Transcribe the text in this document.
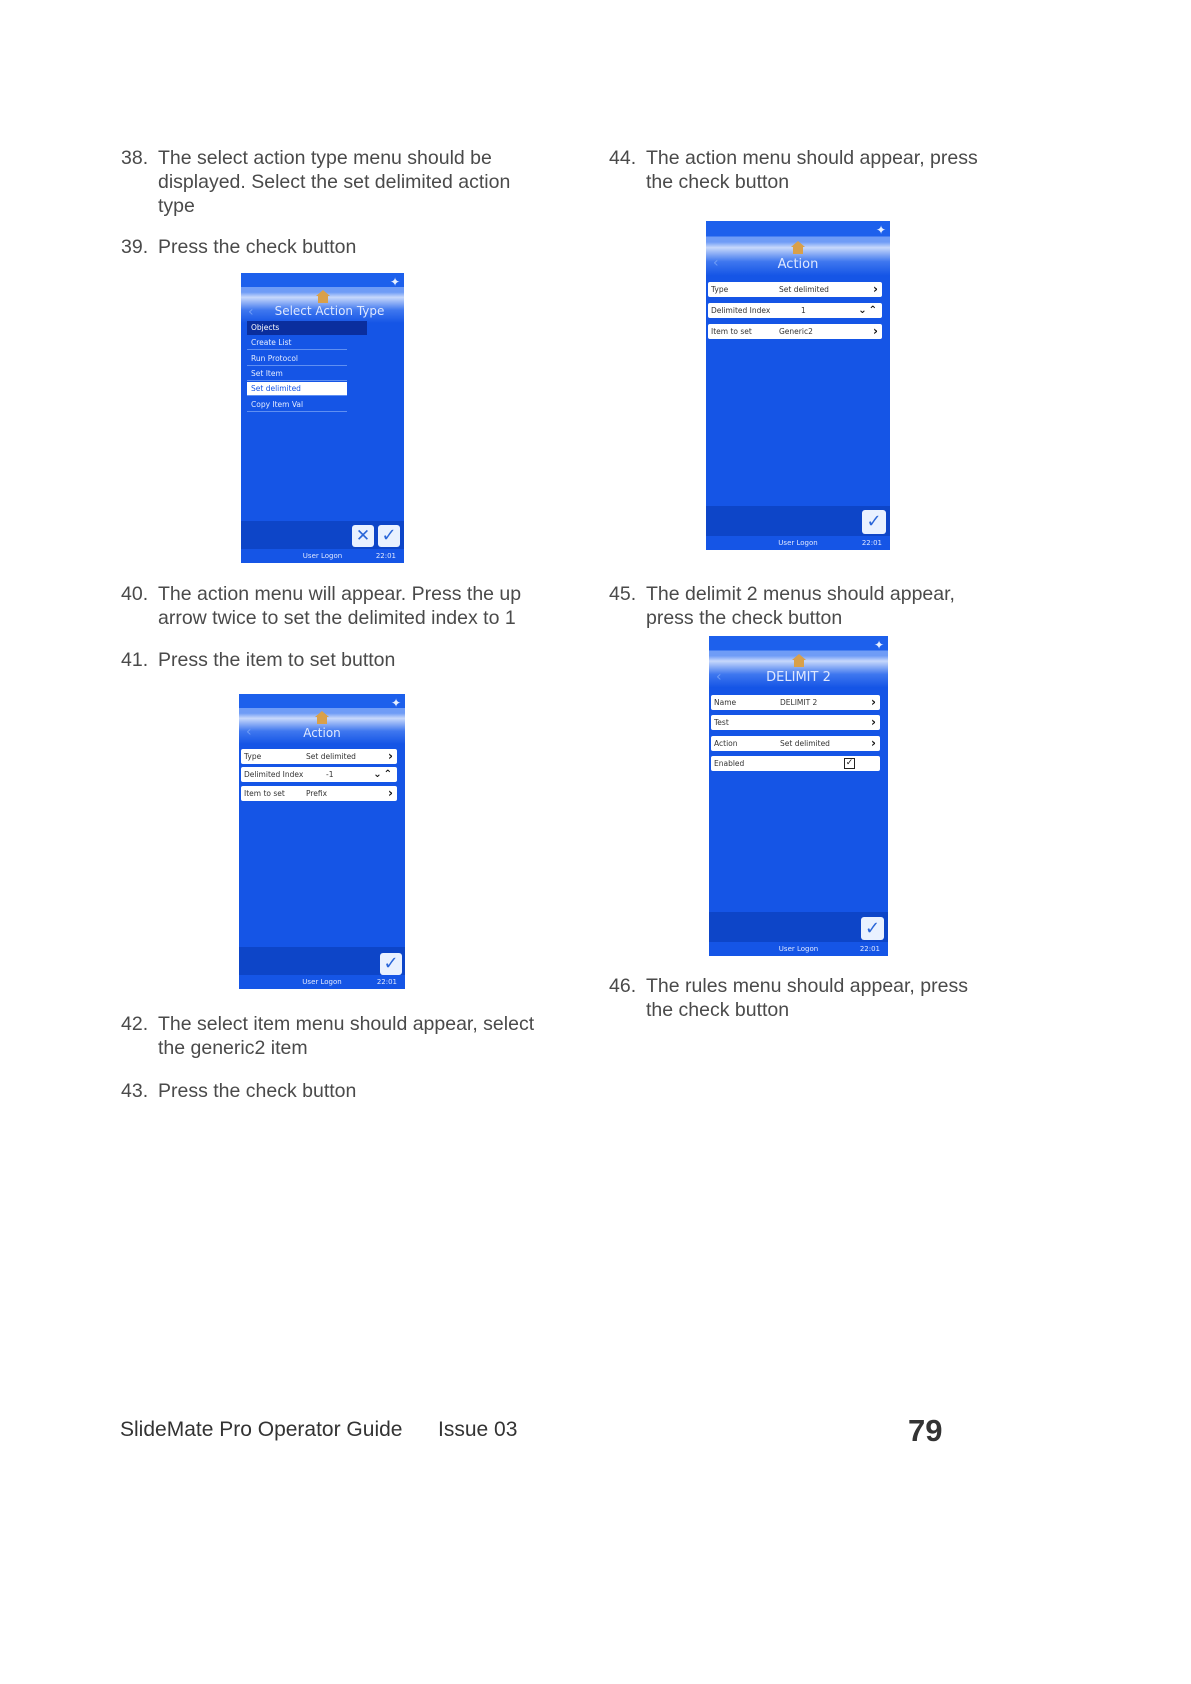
38. The select action type menu should be displayed. Select the set delimited action type
39. Press the check button
✦
‹	Select Action Type
Objects
Create List
Run Protocol
Set Item
Set delimited
Copy Item Val
✕ ✓
User Logon	22:01
40. The action menu will appear. Press the up arrow twice to set the delimited index to 1
41. Press the item to set button
✦
‹	Action
Type	Set delimited	›
Delimited Index	-1	⌄⌃
Item to set	Prefix	›
✓
User Logon	22:01
42. The select item menu should appear, select the generic2 item
43. Press the check button
44. The action menu should appear, press the check button
✦
‹	Action
Type	Set delimited	›
Delimited Index	1	⌄⌃
Item to set	Generic2	›
✓
User Logon	22:01
45. The delimit 2 menus should appear, press the check button
✦
‹	DELIMIT 2
Name	DELIMIT 2	›
Test	›
Action	Set delimited	›
Enabled	✓
✓
User Logon	22:01
46. The rules menu should appear, press the check button
SlideMate Pro Operator Guide Issue 03	79
